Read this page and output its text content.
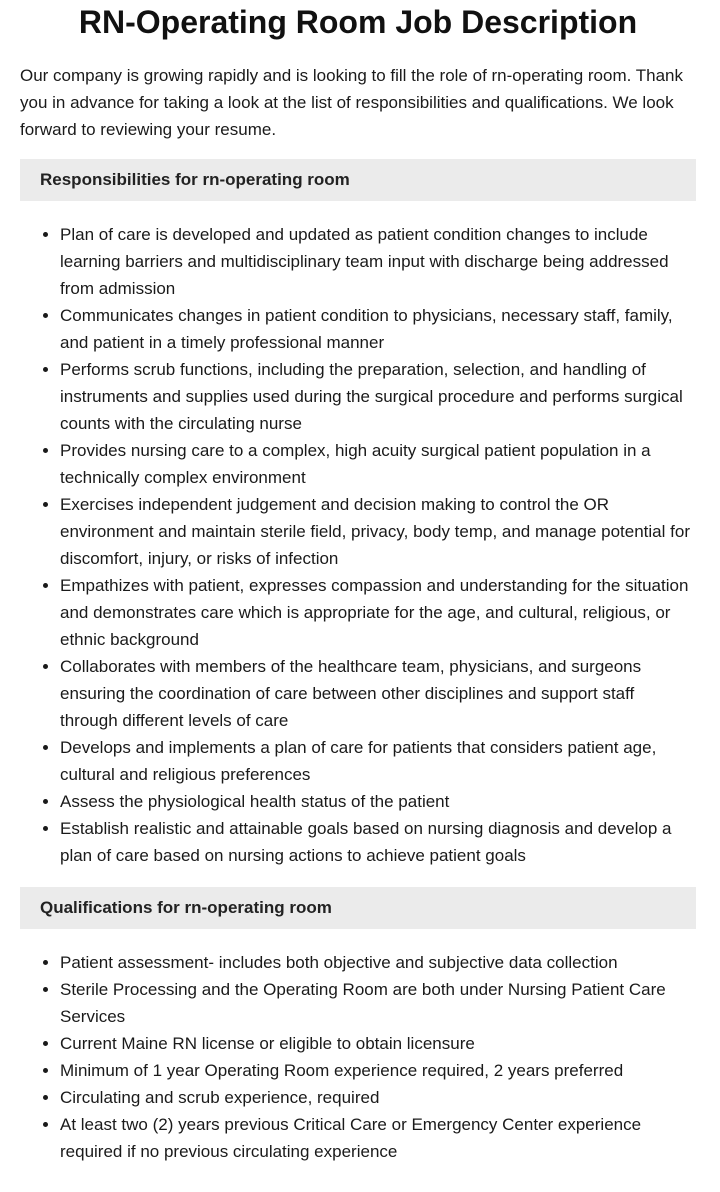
RN-Operating Room Job Description

Our company is growing rapidly and is looking to fill the role of rn-operating room. Thank you in advance for taking a look at the list of responsibilities and qualifications. We look forward to reviewing your resume.

Responsibilities for rn-operating room
• Plan of care is developed and updated as patient condition changes to include learning barriers and multidisciplinary team input with discharge being addressed from admission
• Communicates changes in patient condition to physicians, necessary staff, family, and patient in a timely professional manner
• Performs scrub functions, including the preparation, selection, and handling of instruments and supplies used during the surgical procedure and performs surgical counts with the circulating nurse
• Provides nursing care to a complex, high acuity surgical patient population in a technically complex environment
• Exercises independent judgement and decision making to control the OR environment and maintain sterile field, privacy, body temp, and manage potential for discomfort, injury, or risks of infection
• Empathizes with patient, expresses compassion and understanding for the situation and demonstrates care which is appropriate for the age, and cultural, religious, or ethnic background
• Collaborates with members of the healthcare team, physicians, and surgeons ensuring the coordination of care between other disciplines and support staff through different levels of care
• Develops and implements a plan of care for patients that considers patient age, cultural and religious preferences
• Assess the physiological health status of the patient
• Establish realistic and attainable goals based on nursing diagnosis and develop a plan of care based on nursing actions to achieve patient goals
Qualifications for rn-operating room
• Patient assessment- includes both objective and subjective data collection
• Sterile Processing and the Operating Room are both under Nursing Patient Care Services
• Current Maine RN license or eligible to obtain licensure
• Minimum of 1 year Operating Room experience required, 2 years preferred
• Circulating and scrub experience, required
• At least two (2) years previous Critical Care or Emergency Center experience required if no previous circulating experience
